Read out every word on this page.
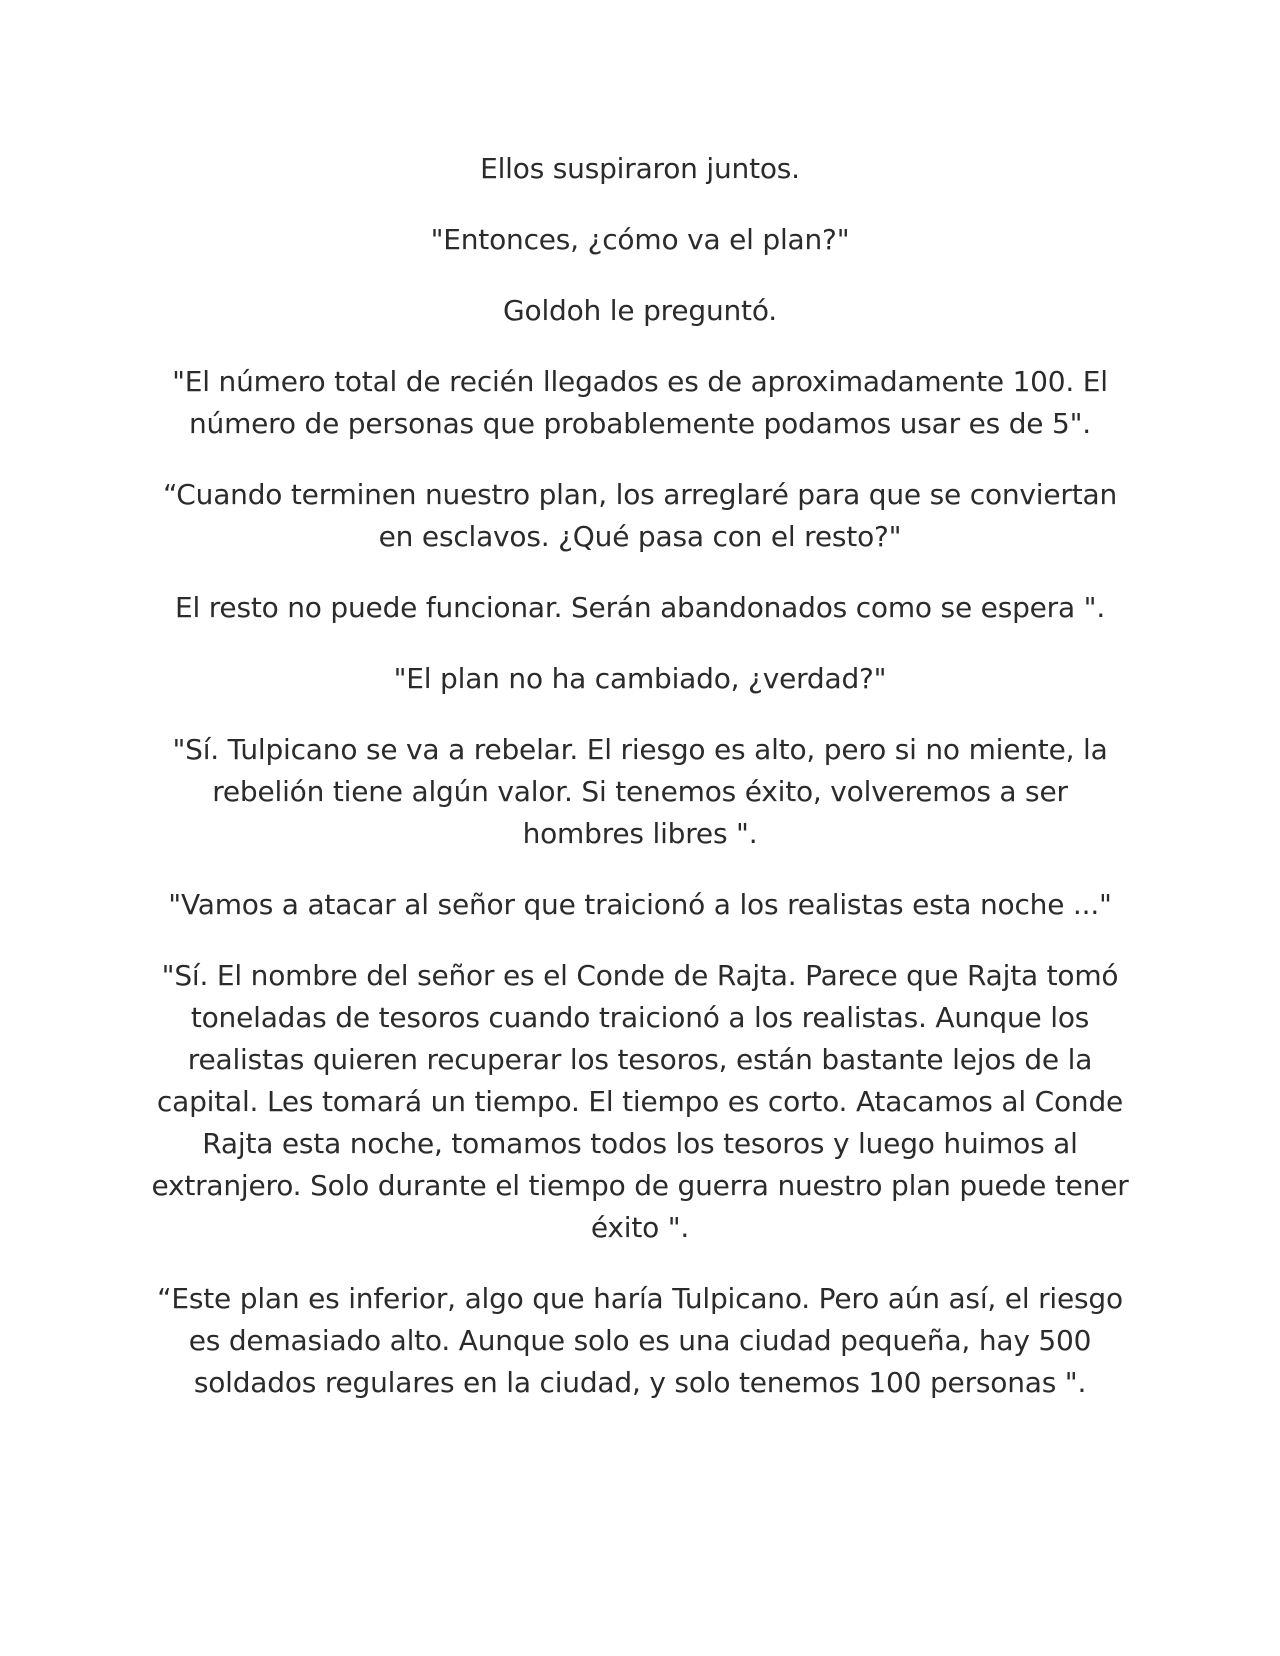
Ellos suspiraron juntos.

"Entonces, ¿cómo va el plan?"

Goldoh le preguntó.

"El número total de recién llegados es de aproximadamente 100. El número de personas que probablemente podamos usar es de 5".

“Cuando terminen nuestro plan, los arreglaré para que se conviertan en esclavos. ¿Qué pasa con el resto?"

El resto no puede funcionar. Serán abandonados como se espera ".

"El plan no ha cambiado, ¿verdad?"

"Sí. Tulpicano se va a rebelar. El riesgo es alto, pero si no miente, la rebelión tiene algún valor. Si tenemos éxito, volveremos a ser hombres libres ".

"Vamos a atacar al señor que traicionó a los realistas esta noche ..."

"Sí. El nombre del señor es el Conde de Rajta. Parece que Rajta tomó toneladas de tesoros cuando traicionó a los realistas. Aunque los realistas quieren recuperar los tesoros, están bastante lejos de la capital. Les tomará un tiempo. El tiempo es corto. Atacamos al Conde Rajta esta noche, tomamos todos los tesoros y luego huimos al extranjero. Solo durante el tiempo de guerra nuestro plan puede tener éxito ".

“Este plan es inferior, algo que haría Tulpicano. Pero aún así, el riesgo es demasiado alto. Aunque solo es una ciudad pequeña, hay 500 soldados regulares en la ciudad, y solo tenemos 100 personas ".
